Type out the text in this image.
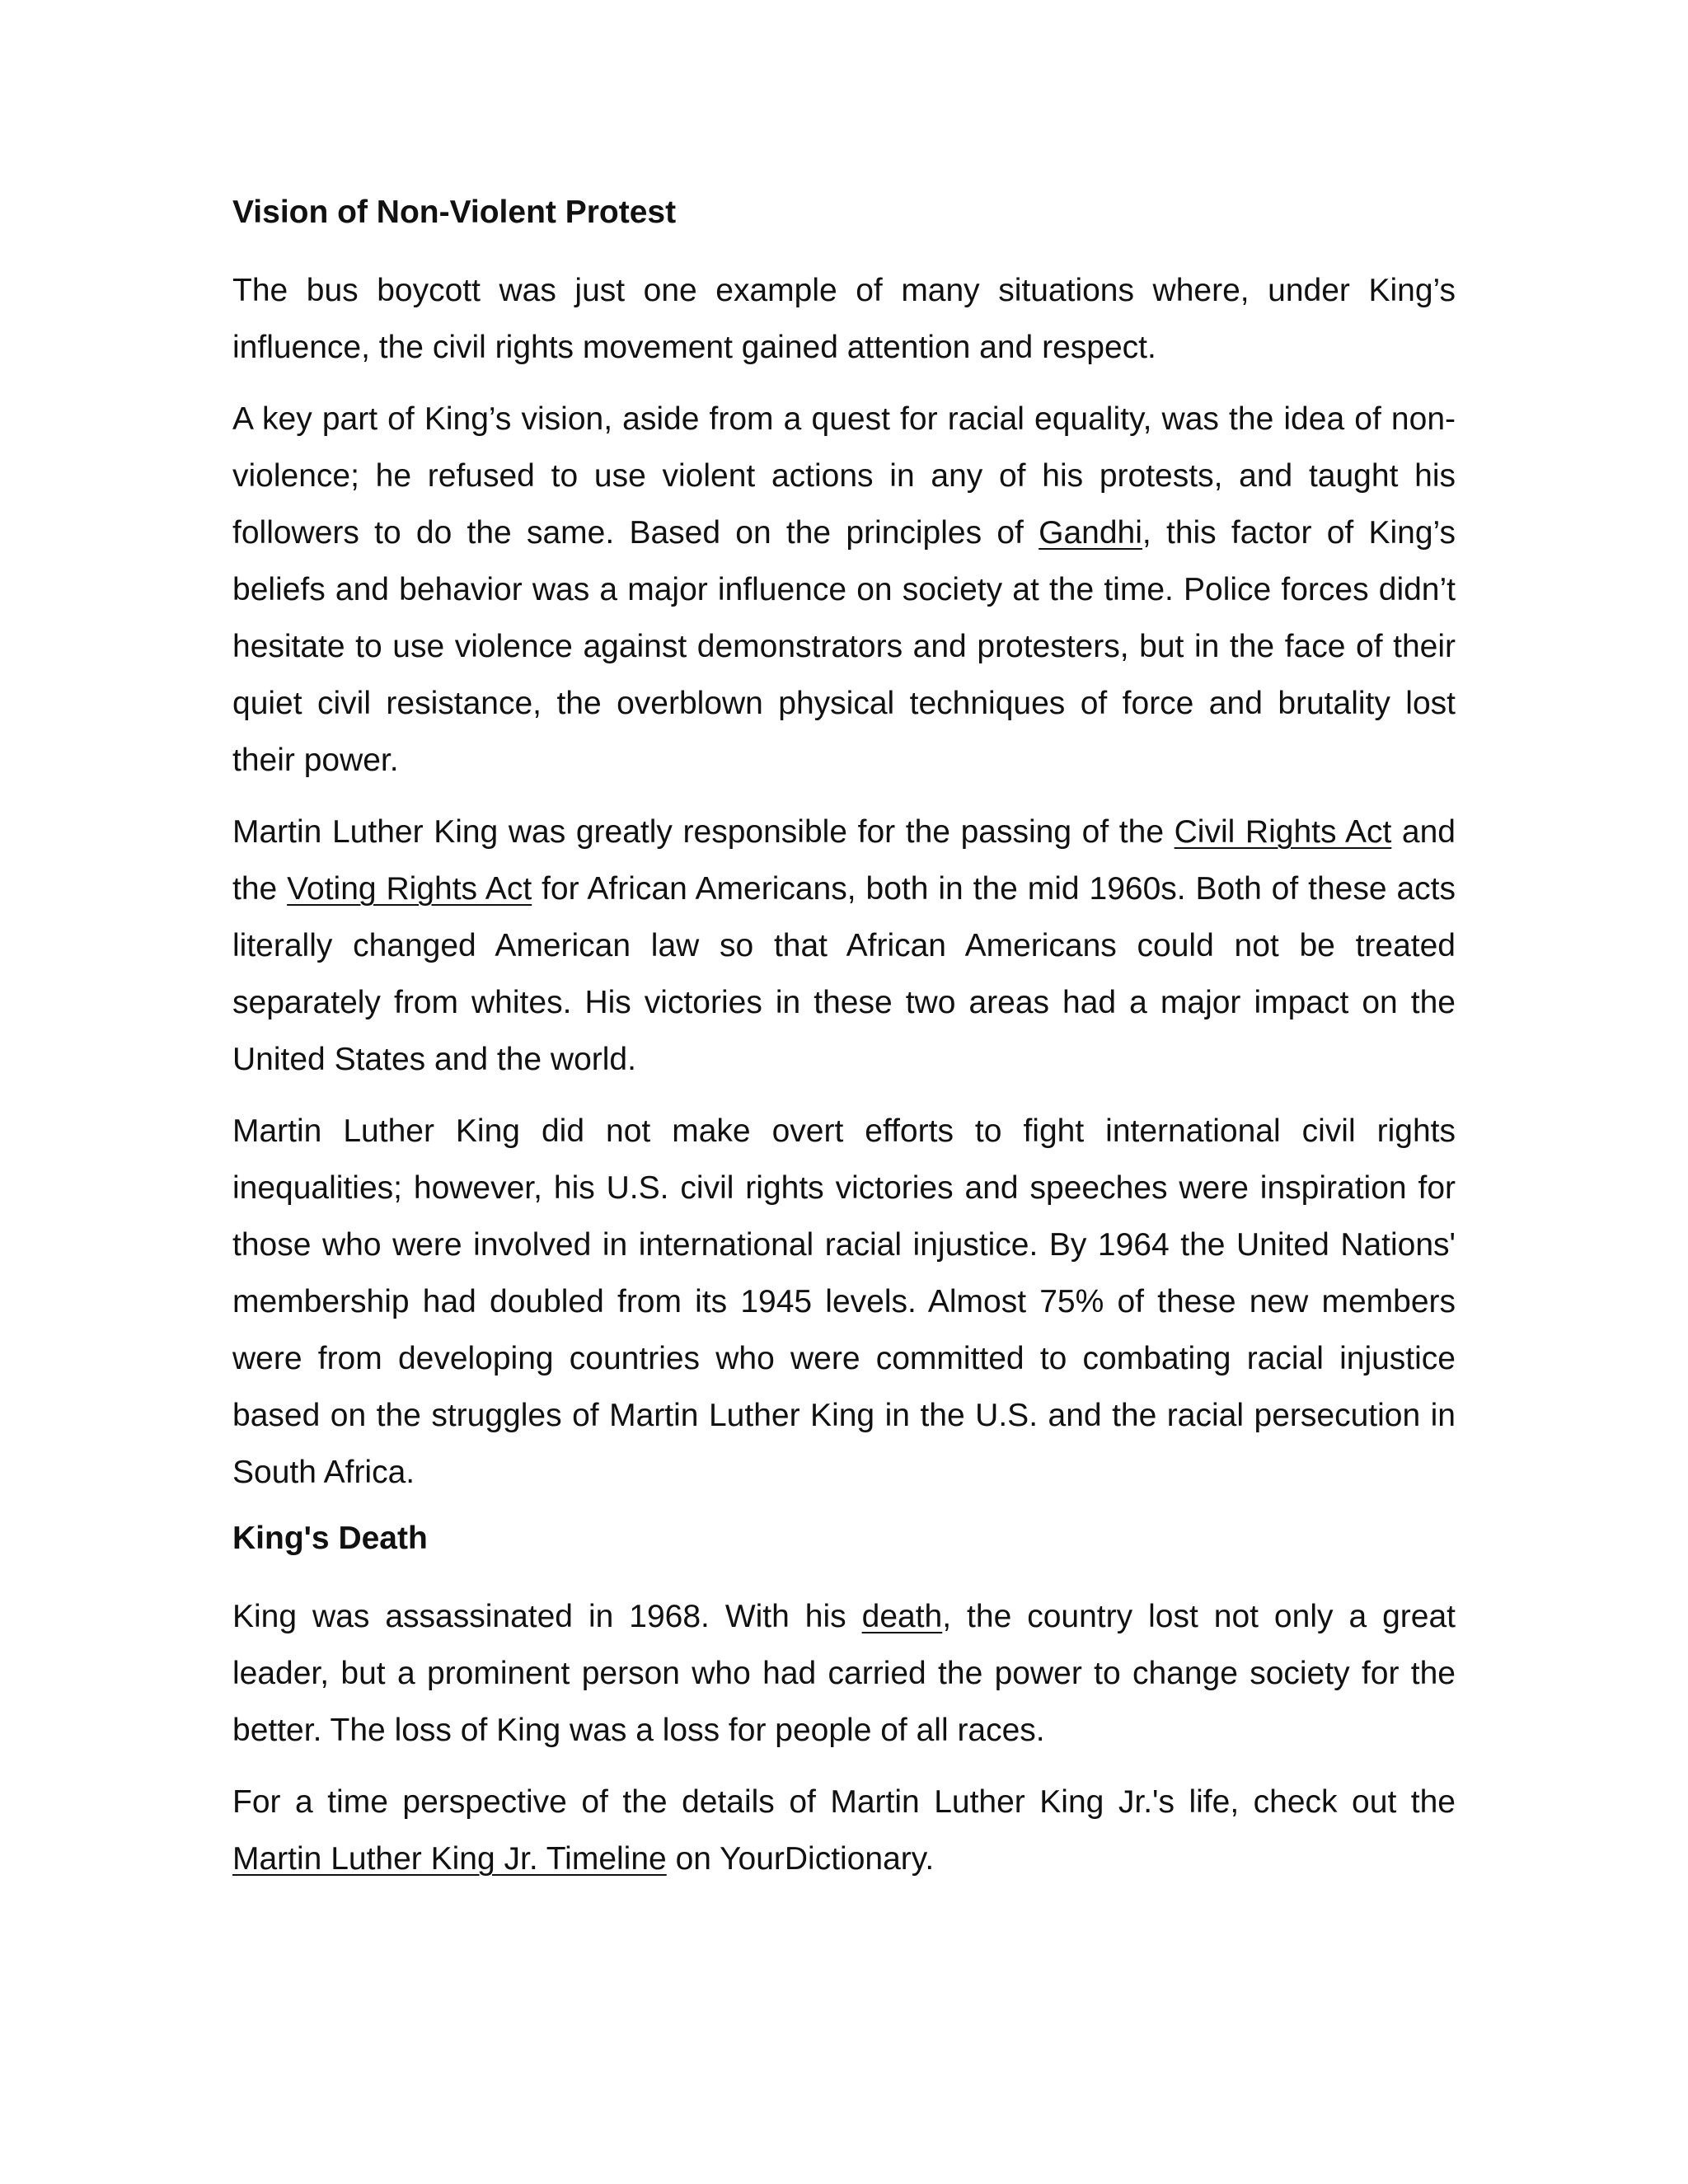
Vision of Non-Violent Protest

The bus boycott was just one example of many situations where, under King’s influence, the civil rights movement gained attention and respect.

A key part of King’s vision, aside from a quest for racial equality, was the idea of non-violence; he refused to use violent actions in any of his protests, and taught his followers to do the same. Based on the principles of Gandhi, this factor of King’s beliefs and behavior was a major influence on society at the time. Police forces didn’t hesitate to use violence against demonstrators and protesters, but in the face of their quiet civil resistance, the overblown physical techniques of force and brutality lost their power.

Martin Luther King was greatly responsible for the passing of the Civil Rights Act and the Voting Rights Act for African Americans, both in the mid 1960s. Both of these acts literally changed American law so that African Americans could not be treated separately from whites. His victories in these two areas had a major impact on the United States and the world.

Martin Luther King did not make overt efforts to fight international civil rights inequalities; however, his U.S. civil rights victories and speeches were inspiration for those who were involved in international racial injustice. By 1964 the United Nations' membership had doubled from its 1945 levels. Almost 75% of these new members were from developing countries who were committed to combating racial injustice based on the struggles of Martin Luther King in the U.S. and the racial persecution in South Africa.

King's Death

King was assassinated in 1968. With his death, the country lost not only a great leader, but a prominent person who had carried the power to change society for the better. The loss of King was a loss for people of all races.

For a time perspective of the details of Martin Luther King Jr.'s life, check out the Martin Luther King Jr. Timeline on YourDictionary.
